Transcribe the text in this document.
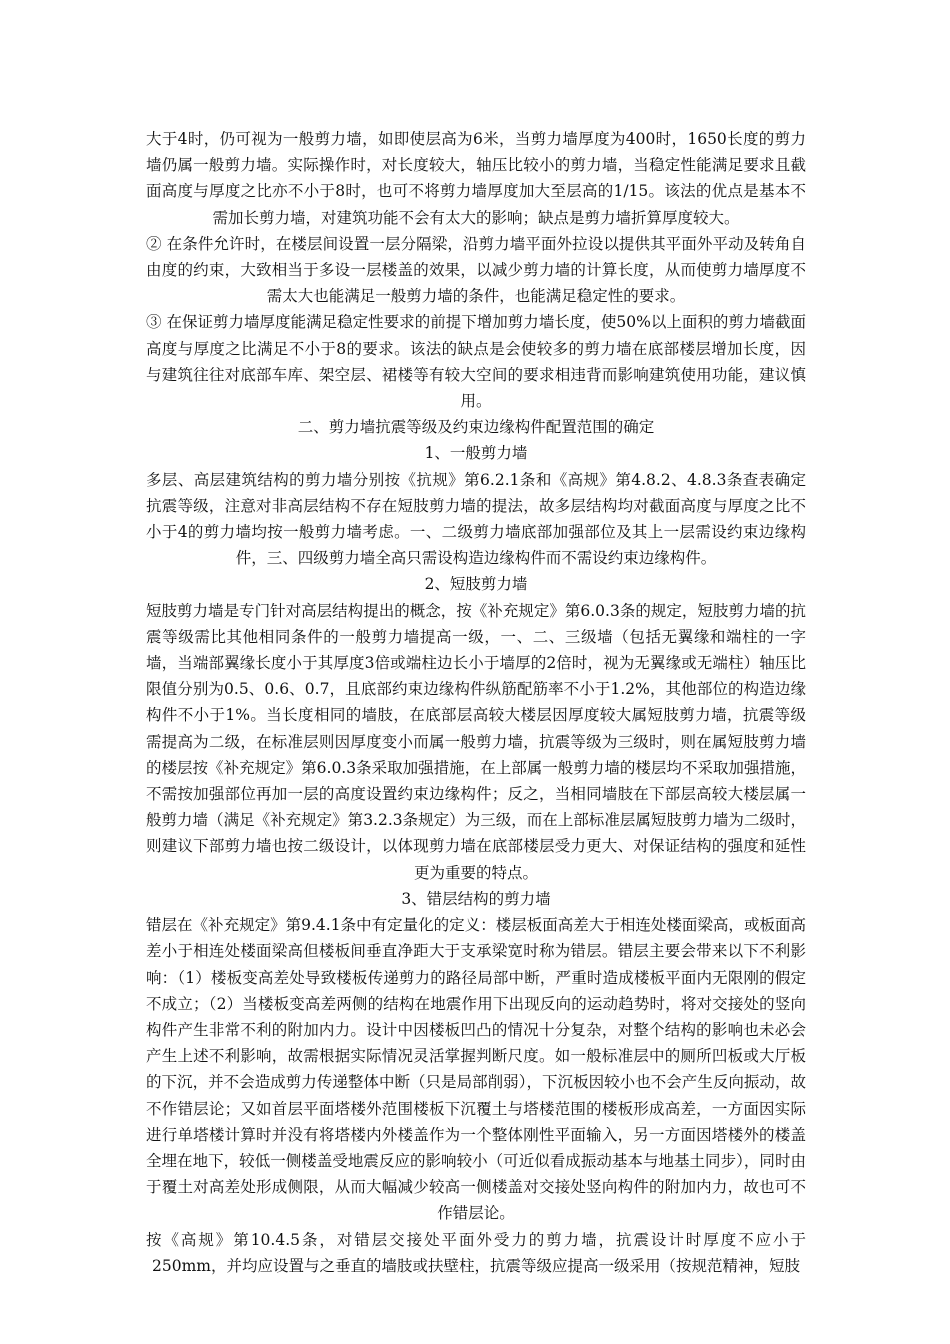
大于4时，仍可视为一般剪力墙，如即使层高为6米，当剪力墙厚度为400时，1650长度的剪力墙仍属一般剪力墙。实际操作时，对长度较大，轴压比较小的剪力墙，当稳定性能满足要求且截面高度与厚度之比亦不小于8时，也可不将剪力墙厚度加大至层高的1/15。该法的优点是基本不需加长剪力墙，对建筑功能不会有太大的影响；缺点是剪力墙折算厚度较大。

② 在条件允许时，在楼层间设置一层分隔梁，沿剪力墙平面外拉设以提供其平面外平动及转角自由度的约束，大致相当于多设一层楼盖的效果，以减少剪力墙的计算长度，从而使剪力墙厚度不需太大也能满足一般剪力墙的条件，也能满足稳定性的要求。

③ 在保证剪力墙厚度能满足稳定性要求的前提下增加剪力墙长度，使50%以上面积的剪力墙截面高度与厚度之比满足不小于8的要求。该法的缺点是会使较多的剪力墙在底部楼层增加长度，因与建筑往往对底部车库、架空层、裙楼等有较大空间的要求相违背而影响建筑使用功能，建议慎用。

二、剪力墙抗震等级及约束边缘构件配置范围的确定

1、一般剪力墙

多层、高层建筑结构的剪力墙分别按《抗规》第6.2.1条和《高规》第4.8.2、4.8.3条查表确定抗震等级，注意对非高层结构不存在短肢剪力墙的提法，故多层结构均对截面高度与厚度之比不小于4的剪力墙均按一般剪力墙考虑。一、二级剪力墙底部加强部位及其上一层需设约束边缘构件，三、四级剪力墙全高只需设构造边缘构件而不需设约束边缘构件。

2、短肢剪力墙

短肢剪力墙是专门针对高层结构提出的概念，按《补充规定》第6.0.3条的规定，短肢剪力墙的抗震等级需比其他相同条件的一般剪力墙提高一级，一、二、三级墙（包括无翼缘和端柱的一字墙，当端部翼缘长度小于其厚度3倍或端柱边长小于墙厚的2倍时，视为无翼缘或无端柱）轴压比限值分别为0.5、0.6、0.7，且底部约束边缘构件纵筋配筋率不小于1.2%，其他部位的构造边缘构件不小于1%。当长度相同的墙肢，在底部层高较大楼层因厚度较大属短肢剪力墙，抗震等级需提高为二级，在标准层则因厚度变小而属一般剪力墙，抗震等级为三级时，则在属短肢剪力墙的楼层按《补充规定》第6.0.3条采取加强措施，在上部属一般剪力墙的楼层均不采取加强措施，不需按加强部位再加一层的高度设置约束边缘构件；反之，当相同墙肢在下部层高较大楼层属一般剪力墙（满足《补充规定》第3.2.3条规定）为三级，而在上部标准层属短肢剪力墙为二级时，则建议下部剪力墙也按二级设计，以体现剪力墙在底部楼层受力更大、对保证结构的强度和延性更为重要的特点。

3、错层结构的剪力墙

错层在《补充规定》第9.4.1条中有定量化的定义：楼层板面高差大于相连处楼面梁高，或板面高差小于相连处楼面梁高但楼板间垂直净距大于支承梁宽时称为错层。错层主要会带来以下不利影响：（1）楼板变高差处导致楼板传递剪力的路径局部中断，严重时造成楼板平面内无限刚的假定不成立；（2）当楼板变高差两侧的结构在地震作用下出现反向的运动趋势时，将对交接处的竖向构件产生非常不利的附加内力。设计中因楼板凹凸的情况十分复杂，对整个结构的影响也未必会产生上述不利影响，故需根据实际情况灵活掌握判断尺度。如一般标准层中的厕所凹板或大厅板的下沉，并不会造成剪力传递整体中断（只是局部削弱），下沉板因较小也不会产生反向振动，故不作错层论；又如首层平面塔楼外范围楼板下沉覆土与塔楼范围的楼板形成高差，一方面因实际进行单塔楼计算时并没有将塔楼内外楼盖作为一个整体刚性平面输入，另一方面因塔楼外的楼盖全埋在地下，较低一侧楼盖受地震反应的影响较小（可近似看成振动基本与地基土同步），同时由于覆土对高差处形成侧限，从而大幅减少较高一侧楼盖对交接处竖向构件的附加内力，故也可不作错层论。

按《高规》第10.4.5条，对错层交接处平面外受力的剪力墙，抗震设计时厚度不应小于250mm，并均应设置与之垂直的墙肢或扶壁柱，抗震等级应提高一级采用（按规范精神，短肢
